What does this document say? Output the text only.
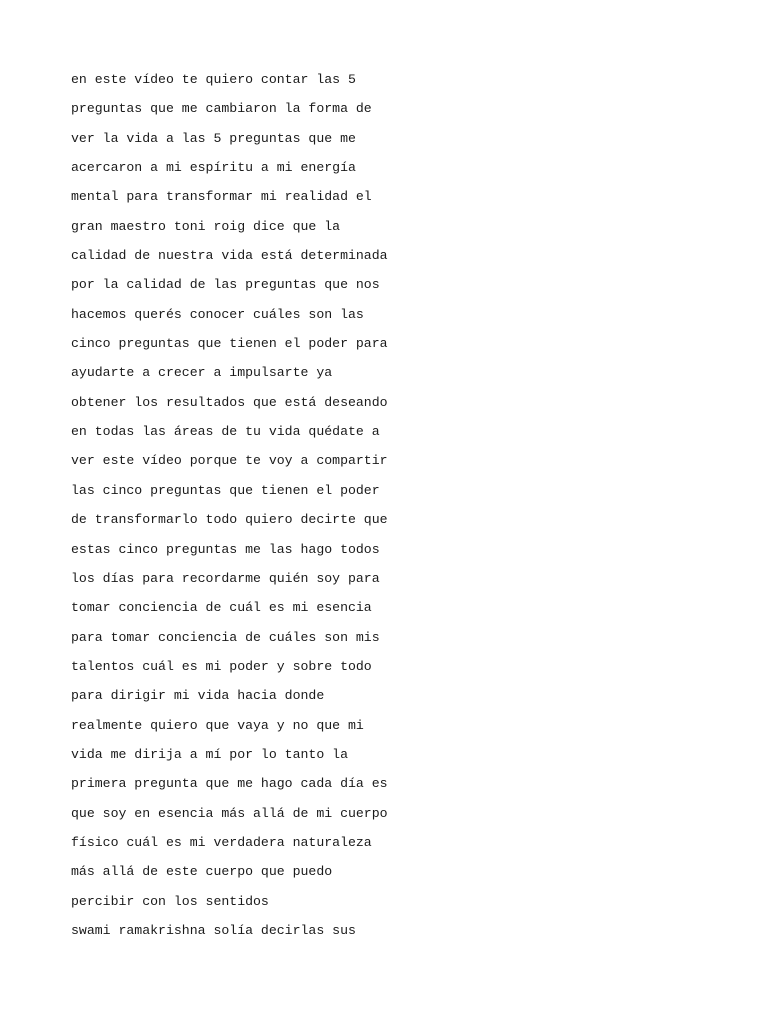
en este vídeo te quiero contar las 5
preguntas que me cambiaron la forma de
ver la vida a las 5 preguntas que me
acercaron a mi espíritu a mi energía
mental para transformar mi realidad el
gran maestro toni roig dice que la
calidad de nuestra vida está determinada
por la calidad de las preguntas que nos
hacemos querés conocer cuáles son las
cinco preguntas que tienen el poder para
ayudarte a crecer a impulsarte ya
obtener los resultados que está deseando
en todas las áreas de tu vida quédate a
ver este vídeo porque te voy a compartir
las cinco preguntas que tienen el poder
de transformarlo todo quiero decirte que
estas cinco preguntas me las hago todos
los días para recordarme quién soy para
tomar conciencia de cuál es mi esencia
para tomar conciencia de cuáles son mis
talentos cuál es mi poder y sobre todo
para dirigir mi vida hacia donde
realmente quiero que vaya y no que mi
vida me dirija a mí por lo tanto la
primera pregunta que me hago cada día es
que soy en esencia más allá de mi cuerpo
físico cuál es mi verdadera naturaleza
más allá de este cuerpo que puedo
percibir con los sentidos
swami ramakrishna solía decirlas sus
